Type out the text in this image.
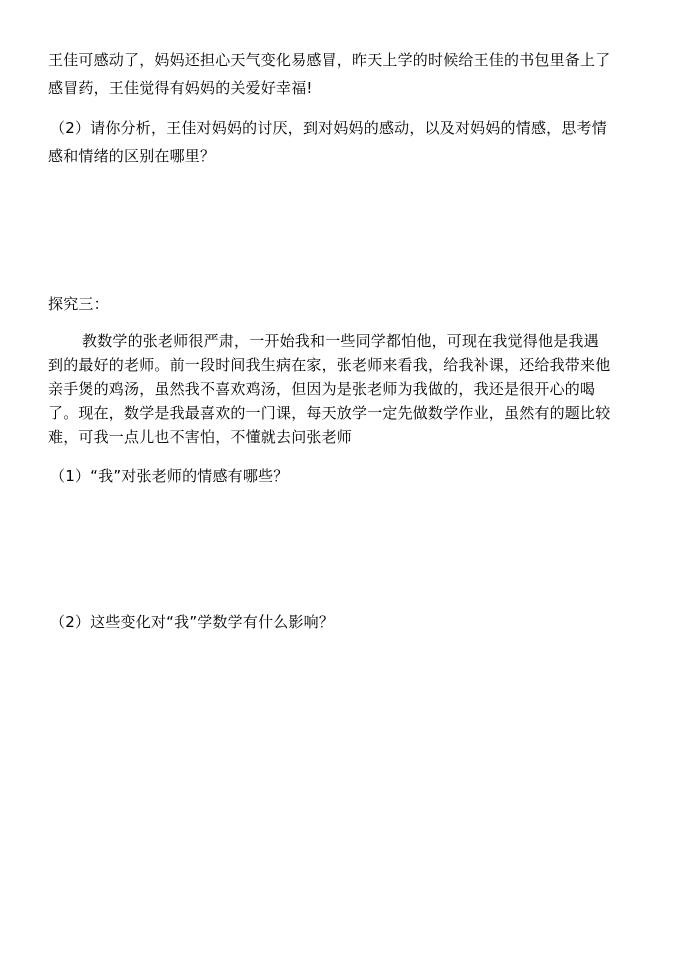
王佳可感动了，妈妈还担心天气变化易感冒，昨天上学的时候给王佳的书包里备上了
感冒药，王佳觉得有妈妈的关爱好幸福!
（2）请你分析，王佳对妈妈的讨厌，到对妈妈的感动，以及对妈妈的情感，思考情
感和情绪的区别在哪里？
探究三：
教数学的张老师很严肃，一开始我和一些同学都怕他，可现在我觉得他是我遇
到的最好的老师。前一段时间我生病在家，张老师来看我，给我补课，还给我带来他
亲手煲的鸡汤，虽然我不喜欢鸡汤，但因为是张老师为我做的，我还是很开心的喝
了。现在，数学是我最喜欢的一门课，每天放学一定先做数学作业，虽然有的题比较
难，可我一点儿也不害怕，不懂就去问张老师
（1）“我”对张老师的情感有哪些？
（2）这些变化对“我”学数学有什么影响？
